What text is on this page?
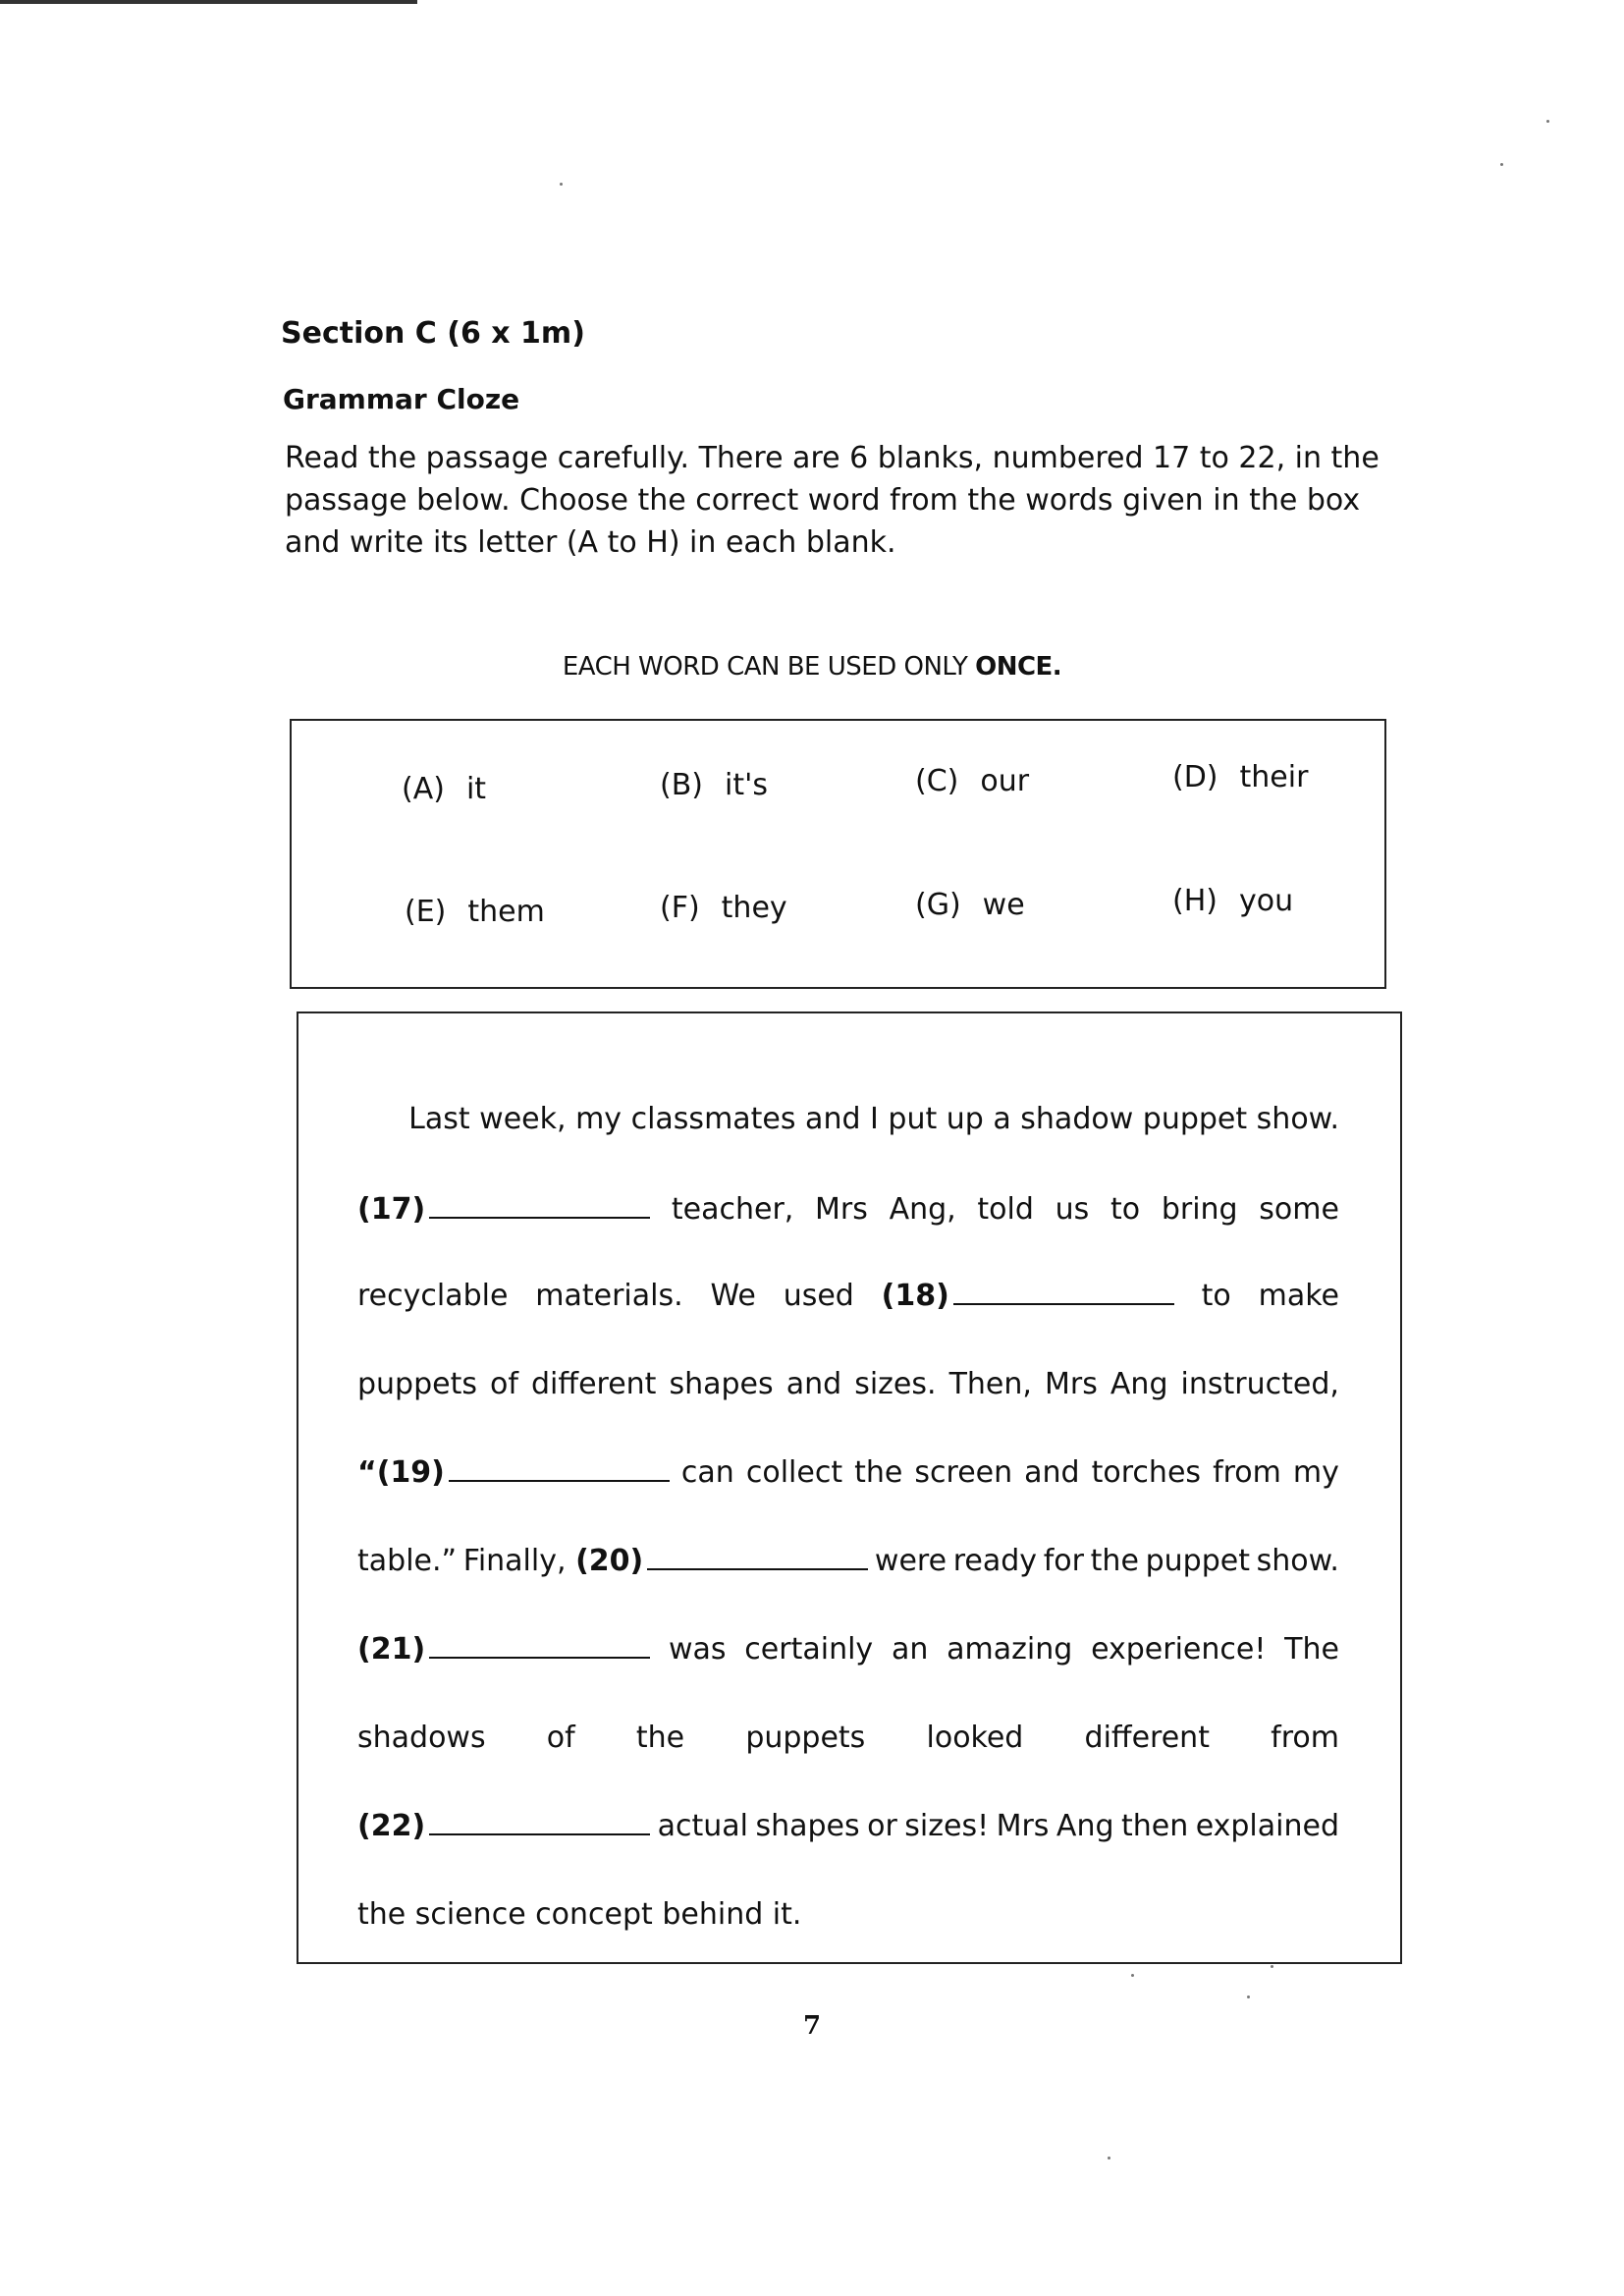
Section C (6 x 1m)
Grammar Cloze
Read the passage carefully. There are 6 blanks, numbered 17 to 22, in the passage below. Choose the correct word from the words given in the box and write its letter (A to H) in each blank.
EACH WORD CAN BE USED ONLY ONCE.
(A) it	(B) it's	(C) our	(D) their
(E) them	(F) they	(G) we	(H) you
Last week, my classmates and I put up a shadow puppet show.
(17)	teacher, Mrs Ang, told us to bring some
recyclable materials. We used (18)	to make
puppets of different shapes and sizes. Then, Mrs Ang instructed,
“(19)	can collect the screen and torches from my
table.” Finally, (20)	were ready for the puppet show.
(21)	was certainly an amazing experience! The
shadows of the puppets looked different from
(22)	actual shapes or sizes! Mrs Ang then explained
the science concept behind it.
7
